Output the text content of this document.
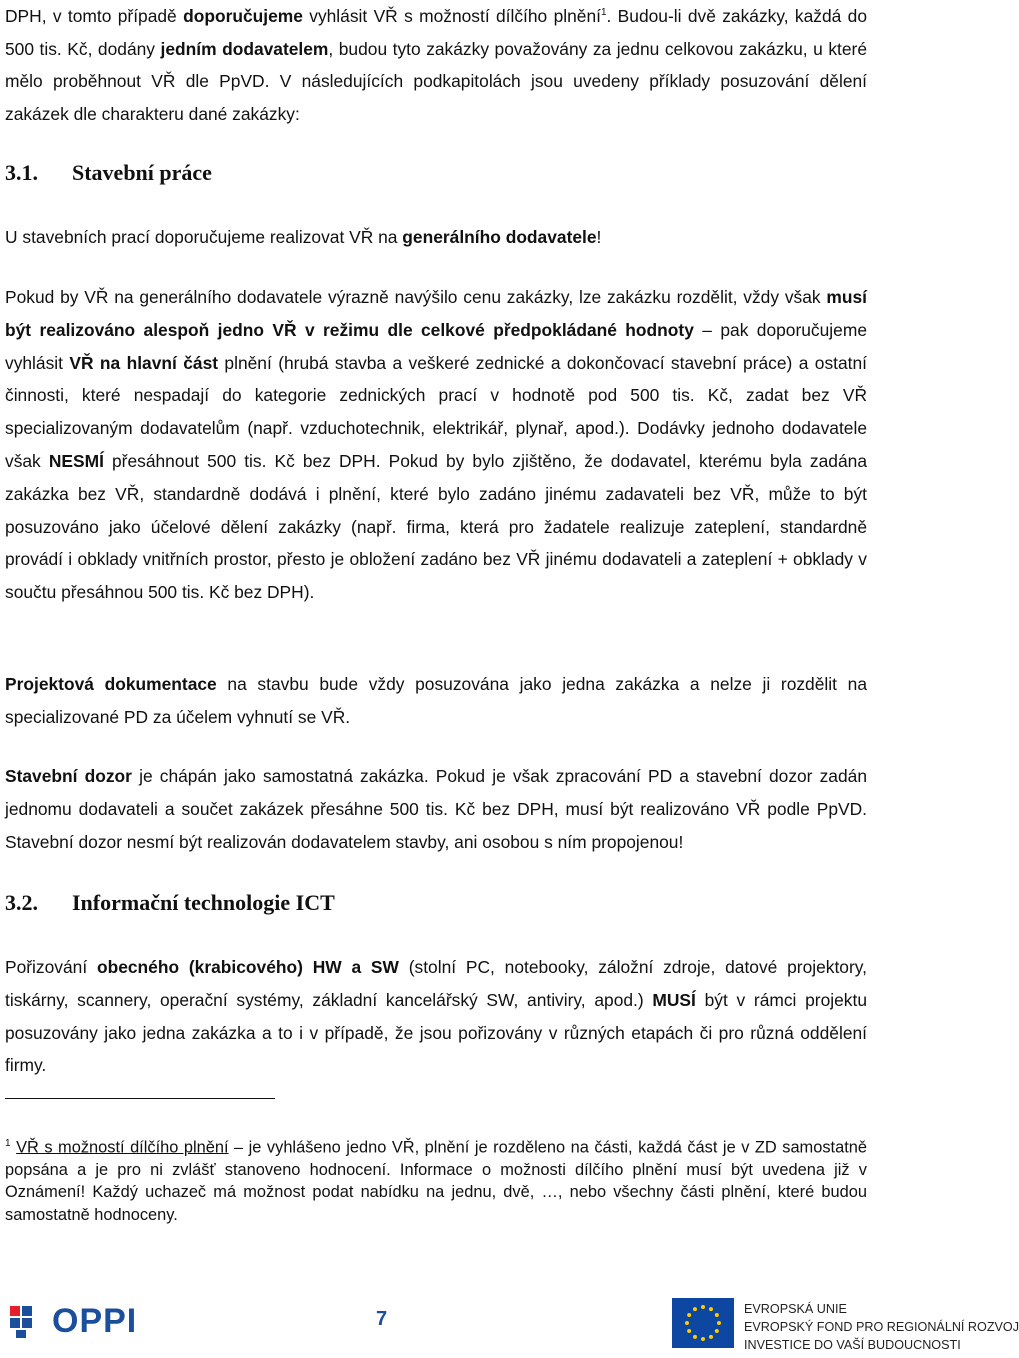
DPH, v tomto případě doporučujeme vyhlásit VŘ s možností dílčího plnění$^1$. Budou-li dvě zakázky, každá do 500 tis. Kč, dodány jedním dodavatelem, budou tyto zakázky považovány za jednu celkovou zakázku, u které mělo proběhnout VŘ dle PpVD. V následujících podkapitolách jsou uvedeny příklady posuzování dělení zakázek dle charakteru dané zakázky:

3.1. Stavební práce

U stavebních prací doporučujeme realizovat VŘ na generálního dodavatele!

Pokud by VŘ na generálního dodavatele výrazně navýšilo cenu zakázky, lze zakázku rozdělit, vždy však musí být realizováno alespoň jedno VŘ v režimu dle celkové předpokládané hodnoty – pak doporučujeme vyhlásit VŘ na hlavní část plnění (hrubá stavba a veškeré zednické a dokončovací stavební práce) a ostatní činnosti, které nespadají do kategorie zednických prací v hodnotě pod 500 tis. Kč, zadat bez VŘ specializovaným dodavatelům (např. vzduchotechnik, elektrikář, plynař, apod.). Dodávky jednoho dodavatele však NESMÍ přesáhnout 500 tis. Kč bez DPH. Pokud by bylo zjištěno, že dodavatel, kterému byla zadána zakázka bez VŘ, standardně dodává i plnění, které bylo zadáno jinému zadavateli bez VŘ, může to být posuzováno jako účelové dělení zakázky (např. firma, která pro žadatele realizuje zateplení, standardně provádí i obklady vnitřních prostor, přesto je obložení zadáno bez VŘ jinému dodavateli a zateplení + obklady v součtu přesáhnou 500 tis. Kč bez DPH).

Projektová dokumentace na stavbu bude vždy posuzována jako jedna zakázka a nelze ji rozdělit na specializované PD za účelem vyhnutí se VŘ.

Stavební dozor je chápán jako samostatná zakázka. Pokud je však zpracování PD a stavební dozor zadán jednomu dodavateli a součet zakázek přesáhne 500 tis. Kč bez DPH, musí být realizováno VŘ podle PpVD. Stavební dozor nesmí být realizován dodavatelem stavby, ani osobou s ním propojenou!

3.2. Informační technologie ICT

Pořizování obecného (krabicového) HW a SW (stolní PC, notebooky, záložní zdroje, datové projektory, tiskárny, scannery, operační systémy, základní kancelářský SW, antiviry, apod.) MUSÍ být v rámci projektu posuzovány jako jedna zakázka a to i v případě, že jsou pořizovány v různých etapách či pro různá oddělení firmy.

$^1$ VŘ s možností dílčího plnění – je vyhlášeno jedno VŘ, plnění je rozděleno na části, každá část je v ZD samostatně popsána a je pro ni zvlášť stanoveno hodnocení. Informace o možnosti dílčího plnění musí být uvedena již v Oznámení! Každý uchazeč má možnost podat nabídku na jednu, dvě, …, nebo všechny části plnění, které budou samostatně hodnoceny.
OPPI	7	EVROPSKÁ UNIE
EVROPSKÝ FOND PRO REGIONÁLNÍ ROZVOJ
INVESTICE DO VAŠÍ BUDOUCNOSTI
